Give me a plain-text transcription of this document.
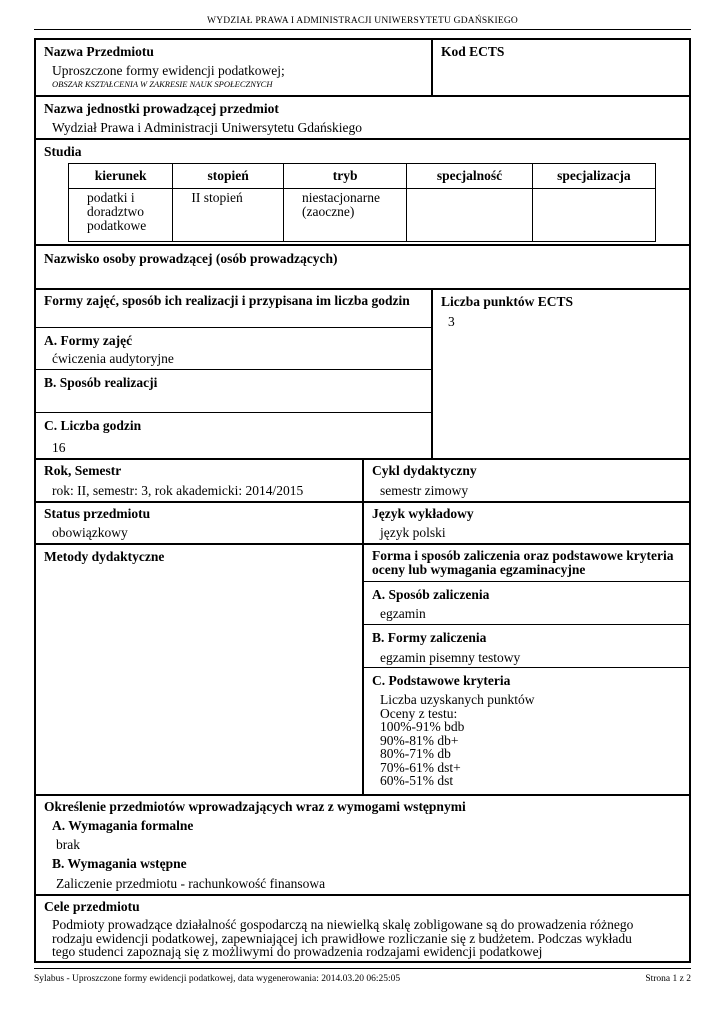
WYDZIAŁ PRAWA I ADMINISTRACJI UNIWERSYTETU GDAŃSKIEGO
Nazwa Przedmiotu
Uproszczone formy ewidencji podatkowej;
OBSZAR KSZTAŁCENIA W ZAKRESIE NAUK SPOŁECZNYCH
Kod ECTS
Nazwa jednostki prowadzącej przedmiot
Wydział Prawa i Administracji Uniwersytetu Gdańskiego
Studia
kierunek	stopień	tryb	specjalność	specjalizacja
podatki i doradztwo podatkowe	II stopień	niestacjonarne (zaoczne)		
Nazwisko osoby prowadzącej (osób prowadzących)
Formy zajęć, sposób ich realizacji i przypisana im liczba godzin
A. Formy zajęć
ćwiczenia audytoryjne
B. Sposób realizacji
C. Liczba godzin
16
Liczba punktów ECTS
3
Rok, Semestr
rok: II, semestr: 3, rok akademicki: 2014/2015
Cykl dydaktyczny
semestr zimowy
Status przedmiotu
obowiązkowy
Język wykładowy
język polski
Metody dydaktyczne	Forma i sposób zaliczenia oraz podstawowe kryteria oceny lub wymagania egzaminacyjne
A. Sposób zaliczenia
egzamin
B. Formy zaliczenia
egzamin pisemny testowy
C. Podstawowe kryteria
Liczba uzyskanych punktów
Oceny z testu:
100%-91% bdb
90%-81% db+
80%-71% db
70%-61% dst+
60%-51% dst
Określenie przedmiotów wprowadzających wraz z wymogami wstępnymi
A. Wymagania formalne
brak
B. Wymagania wstępne
Zaliczenie przedmiotu - rachunkowość finansowa
Cele przedmiotu
Podmioty prowadzące działalność gospodarczą na niewielką skalę zobligowane są do prowadzenia różnego
rodzaju ewidencji podatkowej, zapewniającej ich prawidłowe rozliczanie się z budżetem. Podczas wykładu
tego studenci zapoznają się z możliwymi do prowadzenia rodzajami ewidencji podatkowej
Sylabus - Uproszczone formy ewidencji podatkowej, data wygenerowania: 2014.03.20 06:25:05	Strona 1 z 2
